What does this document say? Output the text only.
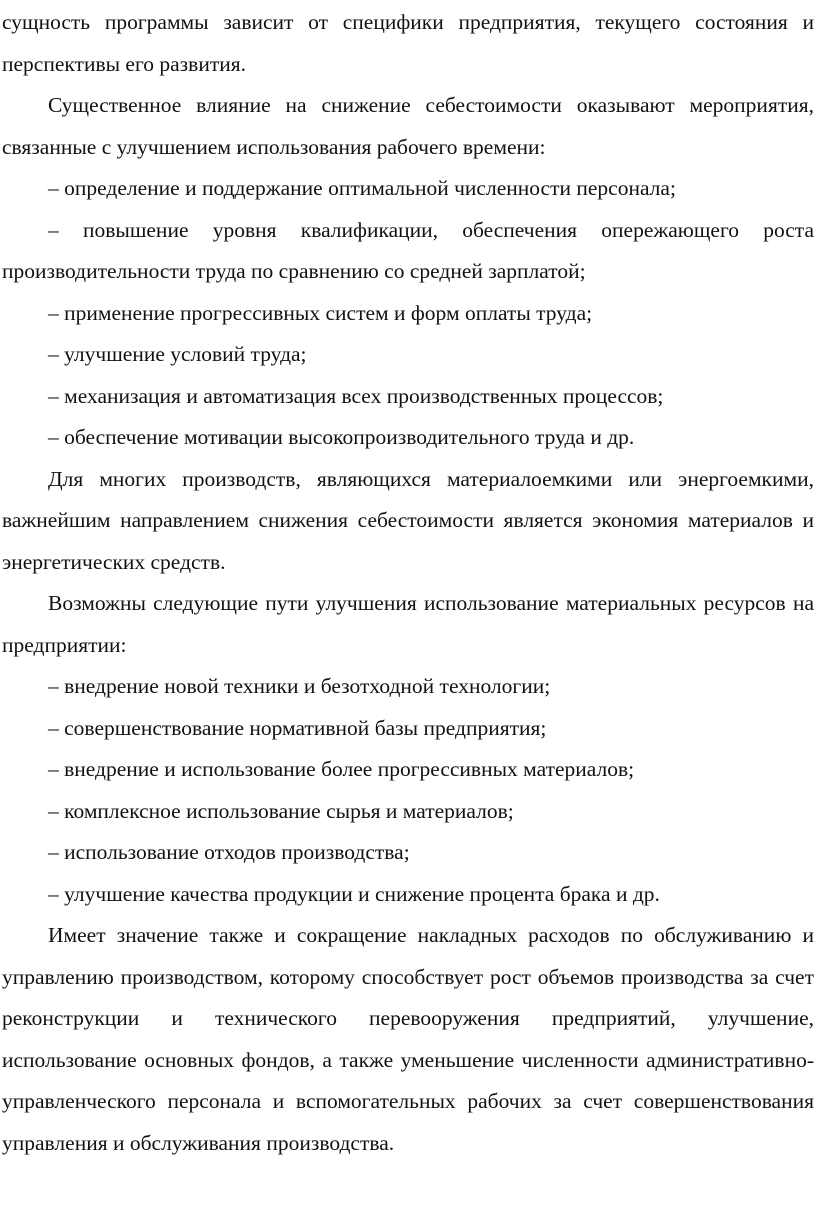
сущность программы зависит от специфики предприятия, текущего состояния и перспективы его развития.

Существенное влияние на снижение себестоимости оказывают мероприятия, связанные с улучшением использования рабочего времени:

– определение и поддержание оптимальной численности персонала;

– повышение уровня квалификации, обеспечения опережающего роста производительности труда по сравнению со средней зарплатой;

– применение прогрессивных систем и форм оплаты труда;

– улучшение условий труда;

– механизация и автоматизация всех производственных процессов;

– обеспечение мотивации высокопроизводительного труда и др.

Для многих производств, являющихся материалоемкими или энергоемкими, важнейшим направлением снижения себестоимости является экономия материалов и энергетических средств.

Возможны следующие пути улучшения использование материальных ресурсов на предприятии:

– внедрение новой техники и безотходной технологии;

– совершенствование нормативной базы предприятия;

– внедрение и использование более прогрессивных материалов;

– комплексное использование сырья и материалов;

– использование отходов производства;

– улучшение качества продукции и снижение процента брака и др.

Имеет значение также и сокращение накладных расходов по обслуживанию и управлению производством, которому способствует рост объемов производства за счет реконструкции и технического перевооружения предприятий, улучшение, использование основных фондов, а также уменьшение численности административно-управленческого персонала и вспомогательных рабочих за счет совершенствования управления и обслуживания производства.
